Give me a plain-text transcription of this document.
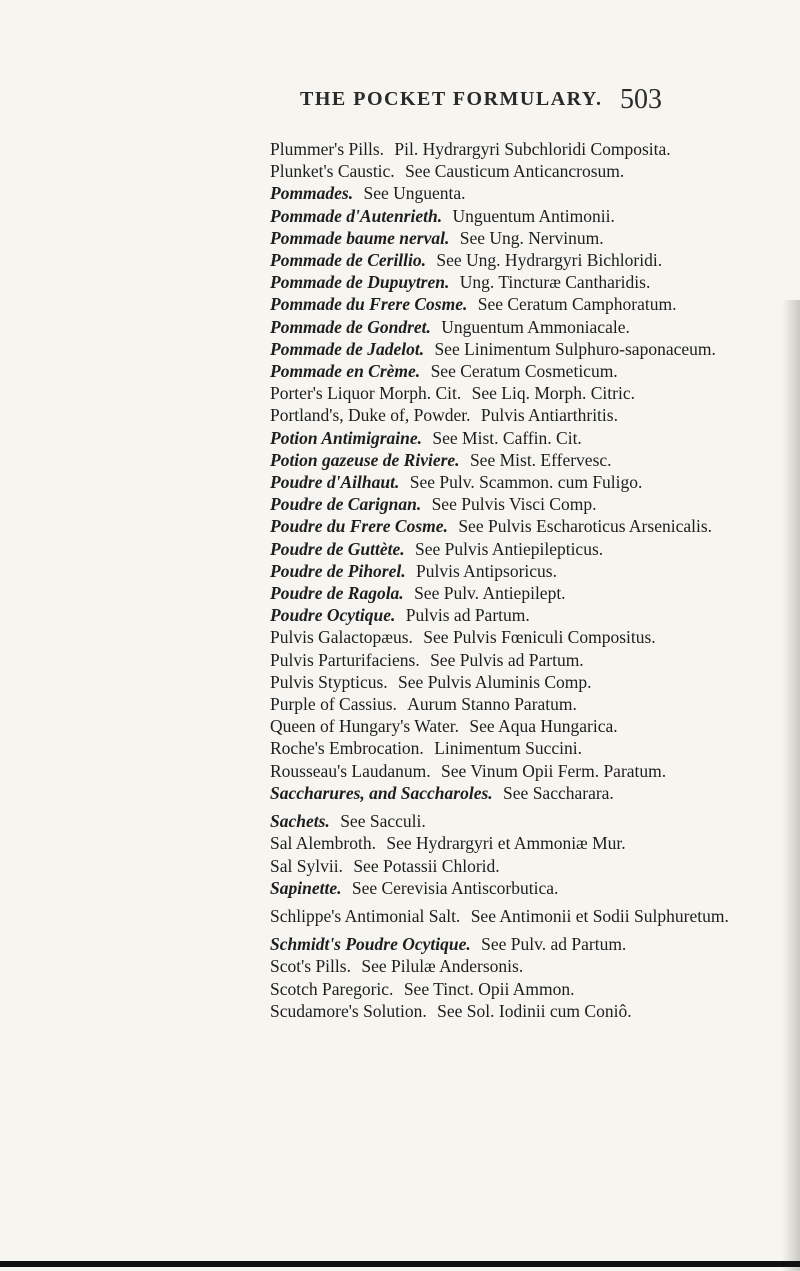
THE POCKET FORMULARY. 503
Plummer's Pills. Pil. Hydrargyri Subchloridi Composita.
Plunket's Caustic. See Causticum Anticancrosum.
Pommades. See Unguenta.
Pommade d'Autenrieth. Unguentum Antimonii.
Pommade baume nerval. See Ung. Nervinum.
Pommade de Cerillio. See Ung. Hydrargyri Bichloridi.
Pommade de Dupuytren. Ung. Tincturæ Cantharidis.
Pommade du Frere Cosme. See Ceratum Camphoratum.
Pommade de Gondret. Unguentum Ammoniacale.
Pommade de Jadelot. See Linimentum Sulphuro-saponaceum.
Pommade en Crème. See Ceratum Cosmeticum.
Porter's Liquor Morph. Cit. See Liq. Morph. Citric.
Portland's, Duke of, Powder. Pulvis Antiarthritis.
Potion Antimigraine. See Mist. Caffin. Cit.
Potion gazeuse de Riviere. See Mist. Effervesc.
Poudre d'Ailhaut. See Pulv. Scammon. cum Fuligo.
Poudre de Carignan. See Pulvis Visci Comp.
Poudre du Frere Cosme. See Pulvis Escharoticus Arsenicalis.
Poudre de Guttète. See Pulvis Antiepilepticus.
Poudre de Pihorel. Pulvis Antipsoricus.
Poudre de Ragola. See Pulv. Antiepilept.
Poudre Ocytique. Pulvis ad Partum.
Pulvis Galactopæus. See Pulvis Fœniculi Compositus.
Pulvis Parturifaciens. See Pulvis ad Partum.
Pulvis Stypticus. See Pulvis Aluminis Comp.
Purple of Cassius. Aurum Stanno Paratum.
Queen of Hungary's Water. See Aqua Hungarica.
Roche's Embrocation. Linimentum Succini.
Rousseau's Laudanum. See Vinum Opii Ferm. Paratum.
Saccharures, and Saccharoles. See Saccharara.
Sachets. See Sacculi.
Sal Alembroth. See Hydrargyri et Ammoniæ Mur.
Sal Sylvii. See Potassii Chlorid.
Sapinette. See Cerevisia Antiscorbutica.
Schlippe's Antimonial Salt. See Antimonii et Sodii Sulphuretum.
Schmidt's Poudre Ocytique. See Pulv. ad Partum.
Scot's Pills. See Pilulæ Andersonis.
Scotch Paregoric. See Tinct. Opii Ammon.
Scudamore's Solution. See Sol. Iodinii cum Coniô.
